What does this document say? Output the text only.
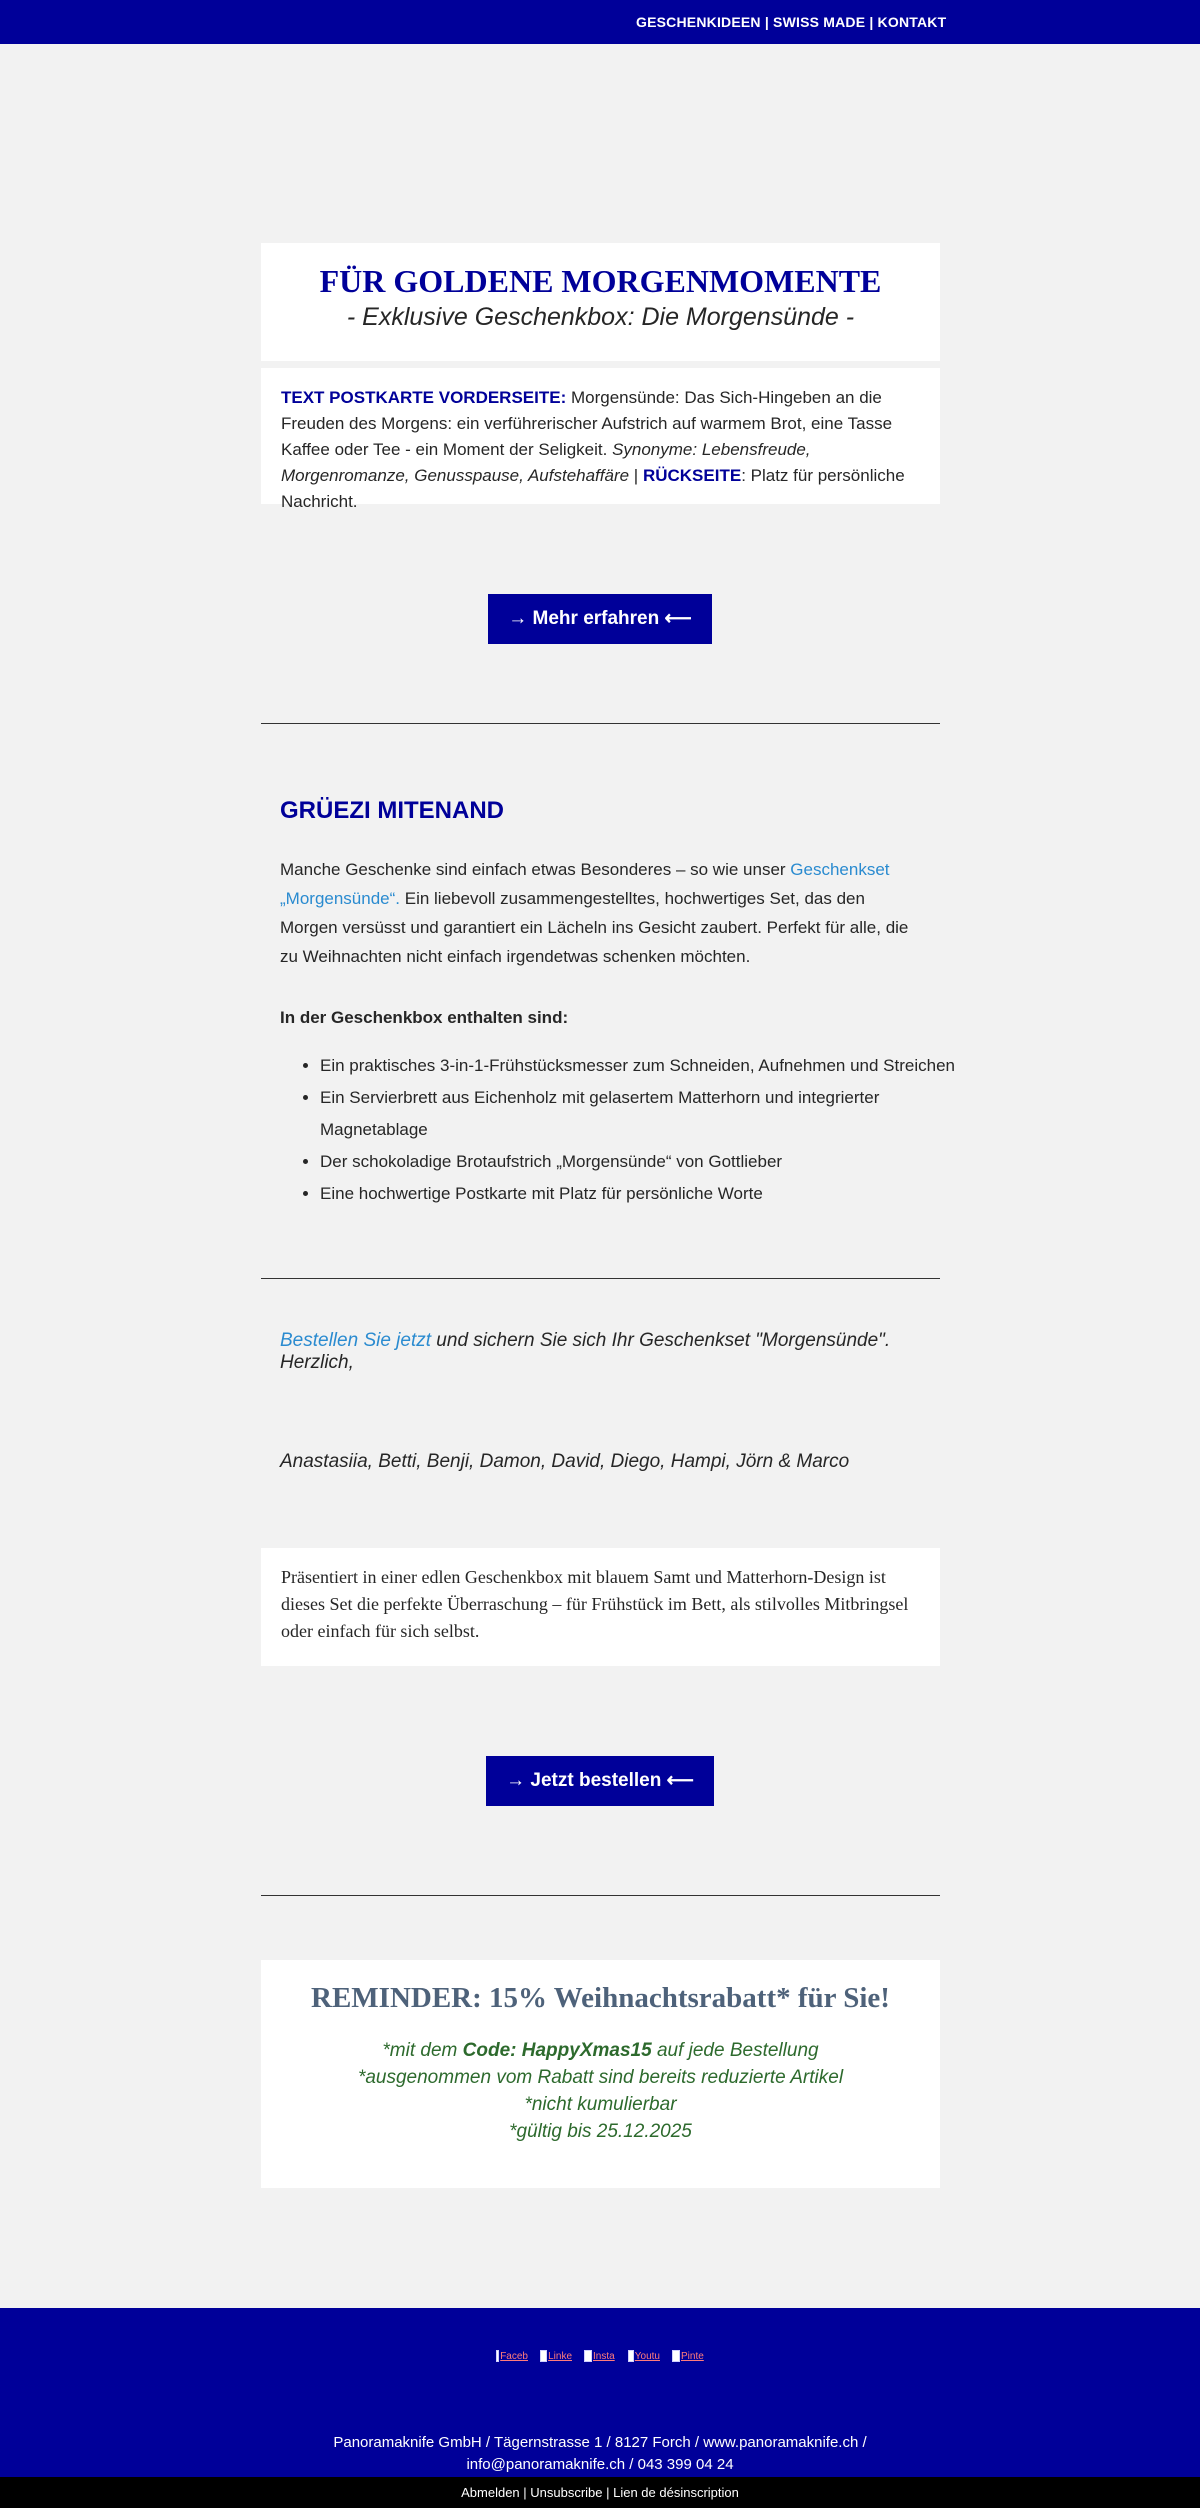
GESCHENKIDEEN | SWISS MADE | KONTAKT
FÜR GOLDENE MORGENMOMENTE
- Exklusive Geschenkbox: Die Morgensünde -

TEXT POSTKARTE VORDERSEITE: Morgensünde: Das Sich-Hingeben an die Freuden des Morgens: ein verführerischer Aufstrich auf warmem Brot, eine Tasse Kaffee oder Tee - ein Moment der Seligkeit. Synonyme: Lebensfreude, Morgenromanze, Genusspause, Aufstehaffäre | RÜCKSEITE: Platz für persönliche Nachricht.

→ Mehr erfahren ⟵
GRÜEZI MITENAND

Manche Geschenke sind einfach etwas Besonderes – so wie unser Geschenkset „Morgensünde“. Ein liebevoll zusammengestelltes, hochwertiges Set, das den Morgen versüsst und garantiert ein Lächeln ins Gesicht zaubert. Perfekt für alle, die zu Weihnachten nicht einfach irgendetwas schenken möchten.

In der Geschenkbox enthalten sind:
• Ein praktisches 3-in-1-Frühstücksmesser zum Schneiden, Aufnehmen und Streichen
• Ein Servierbrett aus Eichenholz mit gelasertem Matterhorn und integrierter Magnetablage
• Der schokoladige Brotaufstrich „Morgensünde“ von Gottlieber
• Eine hochwertige Postkarte mit Platz für persönliche Worte
Bestellen Sie jetzt und sichern Sie sich Ihr Geschenkset "Morgensünde". Herzlich,
Anastasiia, Betti, Benji, Damon, David, Diego, Hampi, Jörn & Marco

Präsentiert in einer edlen Geschenkbox mit blauem Samt und Matterhorn-Design ist dieses Set die perfekte Überraschung – für Frühstück im Bett, als stilvolles Mitbringsel oder einfach für sich selbst.

→ Jetzt bestellen ⟵
REMINDER: 15% Weihnachtsrabatt* für Sie!
*mit dem Code: HappyXmas15 auf jede Bestellung
*ausgenommen vom Rabatt sind bereits reduzierte Artikel
*nicht kumulierbar
*gültig bis 25.12.2025
Faceb Linke Insta Youtu Pinte
Panoramaknife GmbH / Tägernstrasse 1 / 8127 Forch / www.panoramaknife.ch /
info@panoramaknife.ch / 043 399 04 24
Abmelden | Unsubscribe | Lien de désinscription
